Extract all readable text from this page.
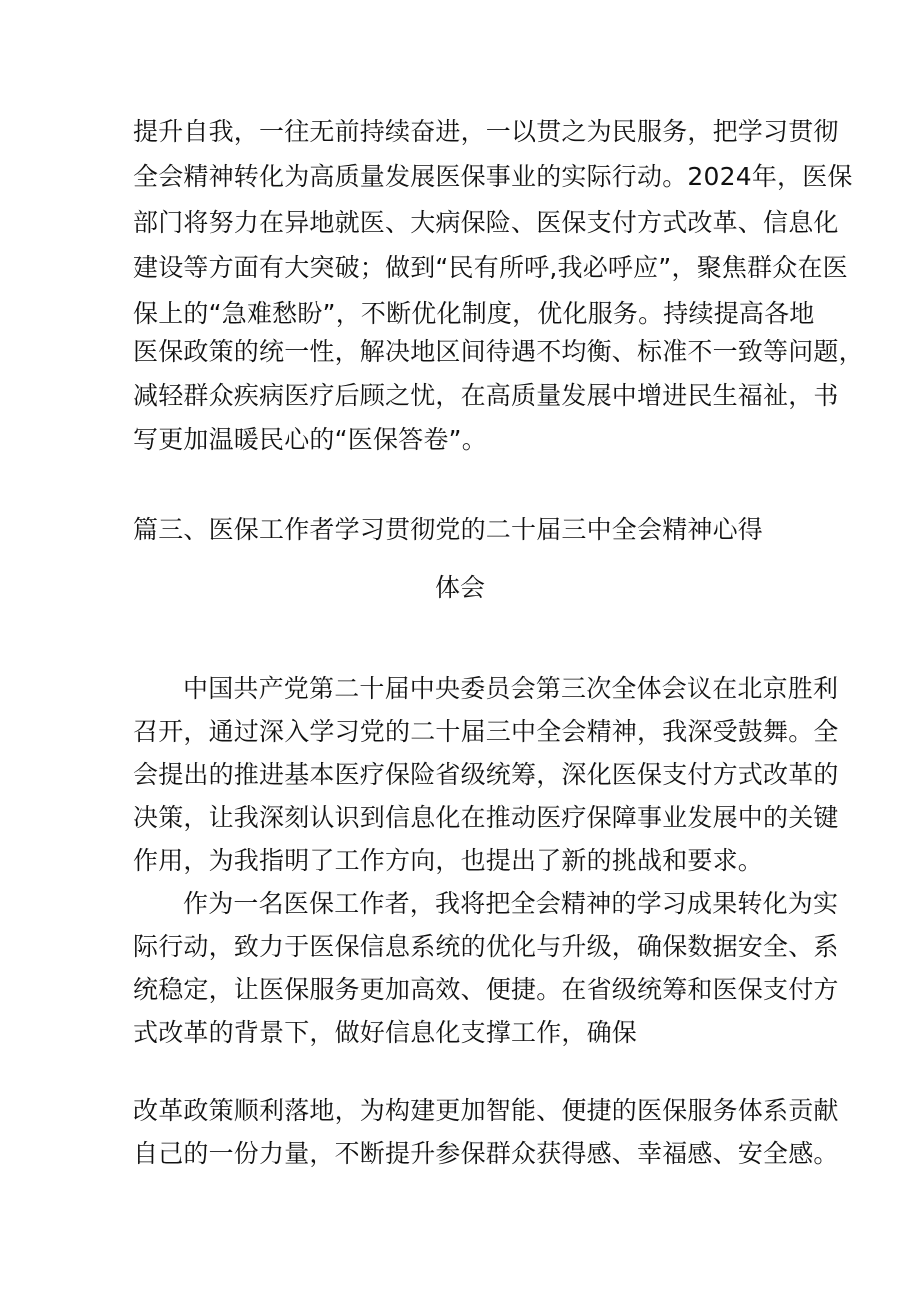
提升自我，一往无前持续奋进，一以贯之为民服务，把学习贯彻
全会精神转化为高质量发展医保事业的实际行动。2024年，医保
部门将努力在异地就医、大病保险、医保支付方式改革、信息化
建设等方面有大突破；做到“民有所呼,我必呼应”，聚焦群众在医
保上的“急难愁盼”，不断优化制度，优化服务。持续提高各地
医保政策的统一性，解决地区间待遇不均衡、标准不一致等问题，
减轻群众疾病医疗后顾之忧，在高质量发展中增进民生福祉，书
写更加温暖民心的“医保答卷”。
篇三、医保工作者学习贯彻党的二十届三中全会精神心得
体会
中国共产党第二十届中央委员会第三次全体会议在北京胜利
召开，通过深入学习党的二十届三中全会精神，我深受鼓舞。全
会提出的推进基本医疗保险省级统筹，深化医保支付方式改革的
决策，让我深刻认识到信息化在推动医疗保障事业发展中的关键
作用，为我指明了工作方向，也提出了新的挑战和要求。
作为一名医保工作者，我将把全会精神的学习成果转化为实
际行动，致力于医保信息系统的优化与升级，确保数据安全、系
统稳定，让医保服务更加高效、便捷。在省级统筹和医保支付方
式改革的背景下，做好信息化支撑工作，确保
改革政策顺利落地，为构建更加智能、便捷的医保服务体系贡献
自己的一份力量，不断提升参保群众获得感、幸福感、安全感。
